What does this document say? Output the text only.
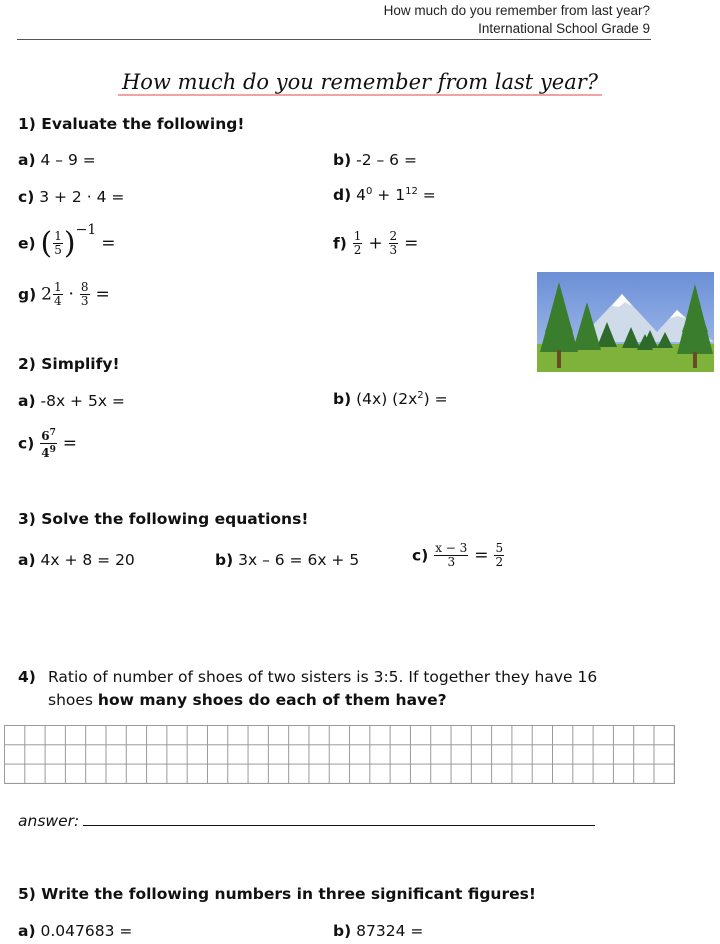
How much do you remember from last year?
International School Grade 9
How much do you remember from last year?
1) Evaluate the following!
a) 4 – 9 =	b) -2 – 6 =
c) 3 + 2 · 4 =	d) $4^0 + 1^{12}$ =
e) ( $\frac{1}{5} )^{-1}$ =	$f) \frac{1}{2} + \frac{2}{3}$ =
g) $2 \frac{1}{4} \cdot \frac{8}{3}$ =
2) Simplify!
a) -8x + 5x =	b) (4x) $(2x^2)$ =
$c) \frac{6^7}{4^9}$ =
3) Solve the following equations!
a) 4x + 8 = 20	b) 3x – 6 = 6x + 5	$c) \frac{x - 3}{3} = \frac{5}{2}$
4) Ratio of number of shoes of two sisters is 3:5. If together they have 16
shoes how many shoes do each of them have?
answer:
5) Write the following numbers in three significant figures!
a) 0.047683 =	b) 87324 =
